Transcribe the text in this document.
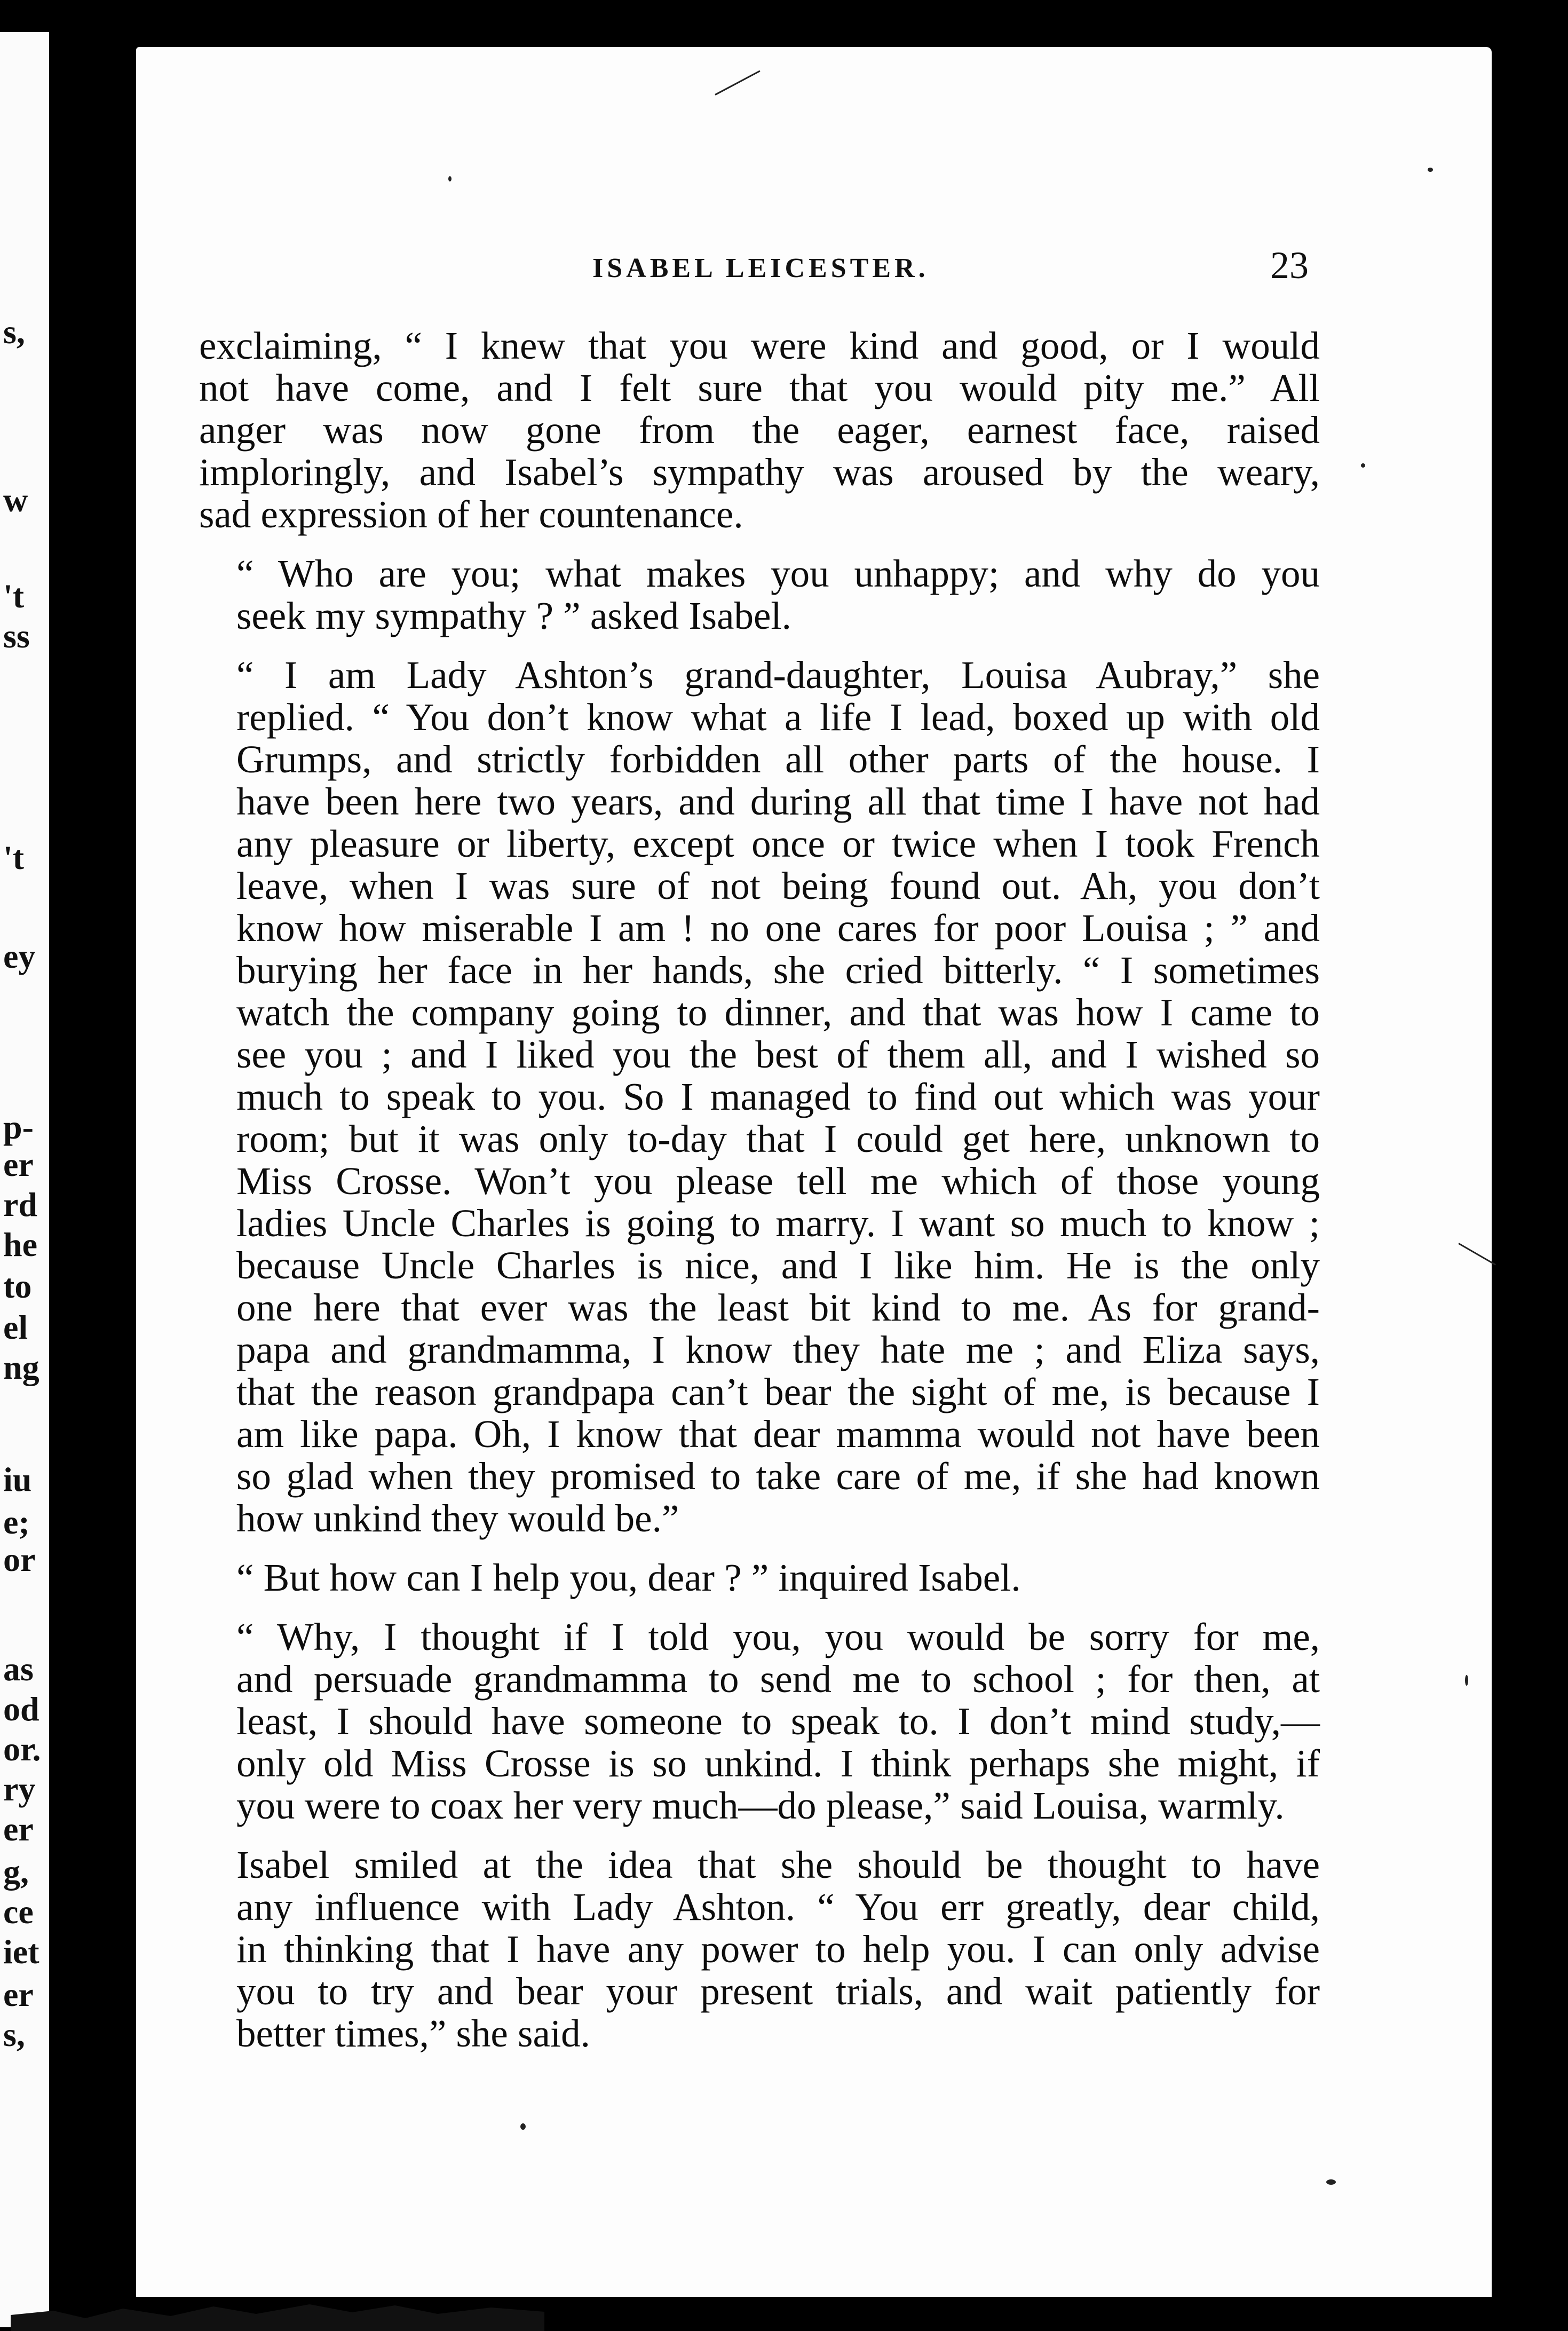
s,
w
't
ss
't
ey
p-
er
rd
he
to
el
ng
iu
e;
or
as
od
or.
ry
er
g,
ce
iet
er
s,
ISABEL LEICESTER.	23
exclaiming, “ I knew that you were kind and good, or I would
not have come, and I felt sure that you would pity me.” All
anger was now gone from the eager, earnest face, raised
imploringly, and Isabel’s sympathy was aroused by the weary,
sad expression of her countenance.
“ Who are you; what makes you unhappy; and why do you
seek my sympathy ? ” asked Isabel.
“ I am Lady Ashton’s grand-daughter, Louisa Aubray,” she
replied. “ You don’t know what a life I lead, boxed up with old
Grumps, and strictly forbidden all other parts of the house. I
have been here two years, and during all that time I have not had
any pleasure or liberty, except once or twice when I took French
leave, when I was sure of not being found out. Ah, you don’t
know how miserable I am ! no one cares for poor Louisa ; ” and
burying her face in her hands, she cried bitterly. “ I sometimes
watch the company going to dinner, and that was how I came to
see you ; and I liked you the best of them all, and I wished so
much to speak to you. So I managed to find out which was your
room; but it was only to-day that I could get here, unknown to
Miss Crosse. Won’t you please tell me which of those young
ladies Uncle Charles is going to marry. I want so much to know ;
because Uncle Charles is nice, and I like him. He is the only
one here that ever was the least bit kind to me. As for grand-
papa and grandmamma, I know they hate me ; and Eliza says,
that the reason grandpapa can’t bear the sight of me, is because I
am like papa. Oh, I know that dear mamma would not have been
so glad when they promised to take care of me, if she had known
how unkind they would be.”
“ But how can I help you, dear ? ” inquired Isabel.
“ Why, I thought if I told you, you would be sorry for me,
and persuade grandmamma to send me to school ; for then, at
least, I should have someone to speak to. I don’t mind study,—
only old Miss Crosse is so unkind. I think perhaps she might, if
you were to coax her very much—do please,” said Louisa, warmly.
Isabel smiled at the idea that she should be thought to have
any influence with Lady Ashton. “ You err greatly, dear child,
in thinking that I have any power to help you. I can only advise
you to try and bear your present trials, and wait patiently for
better times,” she said.
